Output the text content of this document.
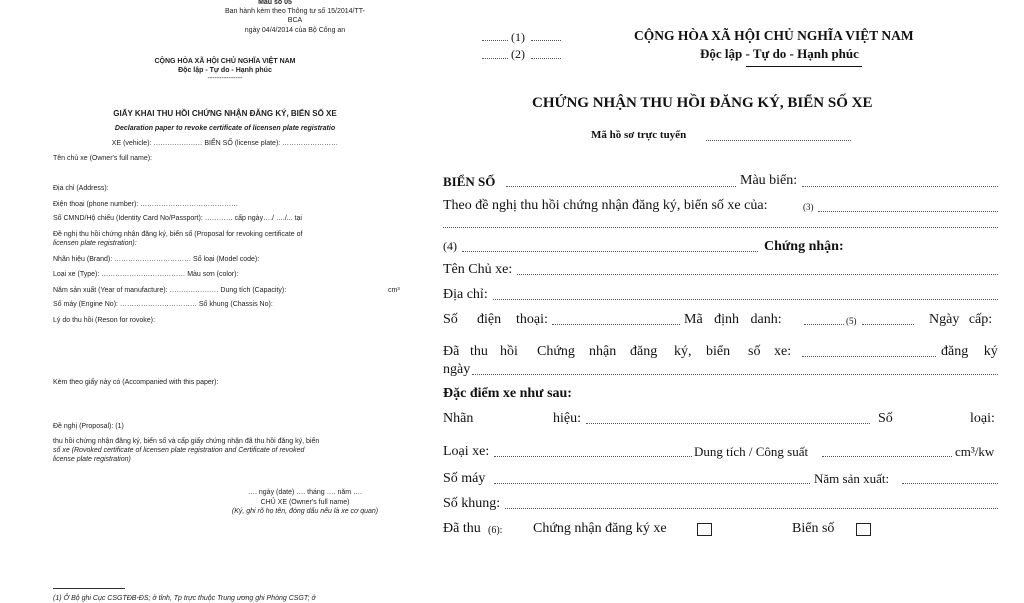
Mẫu số 05
Ban hành kèm theo Thông tư số 15/2014/TT-
BCA
ngày 04/4/2014 của Bộ Công an
CỘNG HÒA XÃ HỘI CHỦ NGHĨA VIỆT NAM
Độc lập - Tự do - Hạnh phúc
---------------
GIẤY KHAI THU HỒI CHỨNG NHẬN ĐĂNG KÝ, BIỂN SỐ XE
Declaration paper to revoke certificate of licensen plate registratio
XE (vehicle): ………………… BIỂN SỐ (license plate): ……………………
Tên chủ xe (Owner's full name):
Địa chỉ (Address):
Điện thoại (phone number): ……………………………………
Số CMND/Hộ chiếu (Identity Card No/Passport): ………… cấp ngày…./ …./... tại
Đề nghị thu hồi chứng nhận đăng ký, biển số (Proposal for revoking certificate of
licensen plate registration):
Nhãn hiệu (Brand): …………………………… Số loại (Model code):
Loại xe (Type): ……………………………… Màu sơn (color):
Năm sản xuất (Year of manufacture): ………………… Dung tích (Capacity):	cm³
Số máy (Engine No): …………………………… Số khung (Chassis No):
Lý do thu hồi (Reson for rovoke):
Kèm theo giấy này có (Accompanied with this paper):
Đề nghị (Proposal): (1)
thu hồi chứng nhận đăng ký, biển số và cấp giấy chứng nhận đã thu hồi đăng ký, biển
số xe (Rovoked certificate of licensen plate registration and Certificate of revoked
license plate registration)
…. ngày (date) …. tháng …. năm ….
CHỦ XE (Owner's full name)
(Ký, ghi rõ họ tên, đóng dấu nếu là xe cơ quan)
(1) Ở Bộ ghi Cục CSGTĐB-ĐS; ở tỉnh, Tp trực thuộc Trung ương ghi Phòng CSGT; ở
(1)
(2)
CỘNG HÒA XÃ HỘI CHỦ NGHĨA VIỆT NAM
Độc lập - Tự do - Hạnh phúc
CHỨNG NHẬN THU HỒI ĐĂNG KÝ, BIỂN SỐ XE
Mã hồ sơ trực tuyến
BIỂN SỐ	Màu biển:
Theo đề nghị thu hồi chứng nhận đăng ký, biển số xe của:	(3)
(4)	Chứng nhận:
Tên Chủ xe:
Địa chỉ:
Số điện thoại:	Mã định danh:	(5)	Ngày cấp:
Đã thu hồi Chứng nhận đăng ký, biển số xe:	đăng ký
ngày
Đặc điểm xe như sau:
Nhãn	hiệu:	Số	loại:
Loại xe:	Dung tích / Công suất	cm³/kw
Số máy	Năm sản xuất:
Số khung:
Đã thu (6): Chứng nhận đăng ký xe	Biển số
